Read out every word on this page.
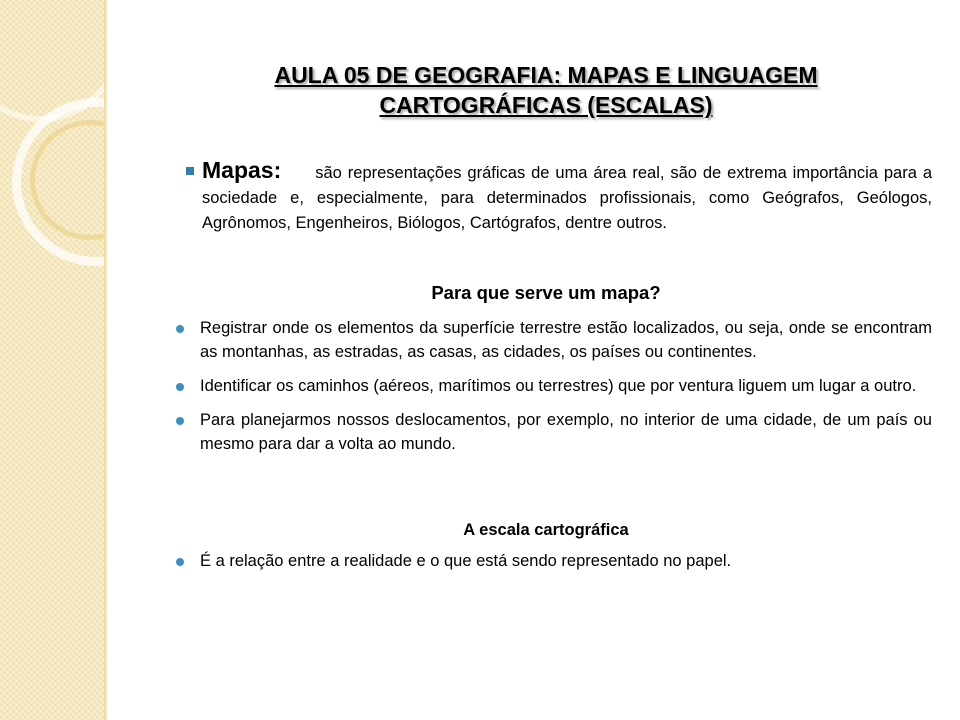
AULA 05 DE GEOGRAFIA: MAPAS E LINGUAGEM
CARTOGRÁFICAS (ESCALAS)
Mapas: são representações gráficas de uma área real, são de extrema importância para a sociedade e, especialmente, para determinados profissionais, como Geógrafos, Geólogos, Agrônomos, Engenheiros, Biólogos, Cartógrafos, dentre outros.
Para que serve um mapa?
Registrar onde os elementos da superfície terrestre estão localizados, ou seja, onde se encontram as montanhas, as estradas, as casas, as cidades, os países ou continentes.
Identificar os caminhos (aéreos, marítimos ou terrestres) que por ventura liguem um lugar a outro.
Para planejarmos nossos deslocamentos, por exemplo, no interior de uma cidade, de um país ou mesmo para dar a volta ao mundo.
A escala cartográfica
É a relação entre a realidade e o que está sendo representado no papel.
